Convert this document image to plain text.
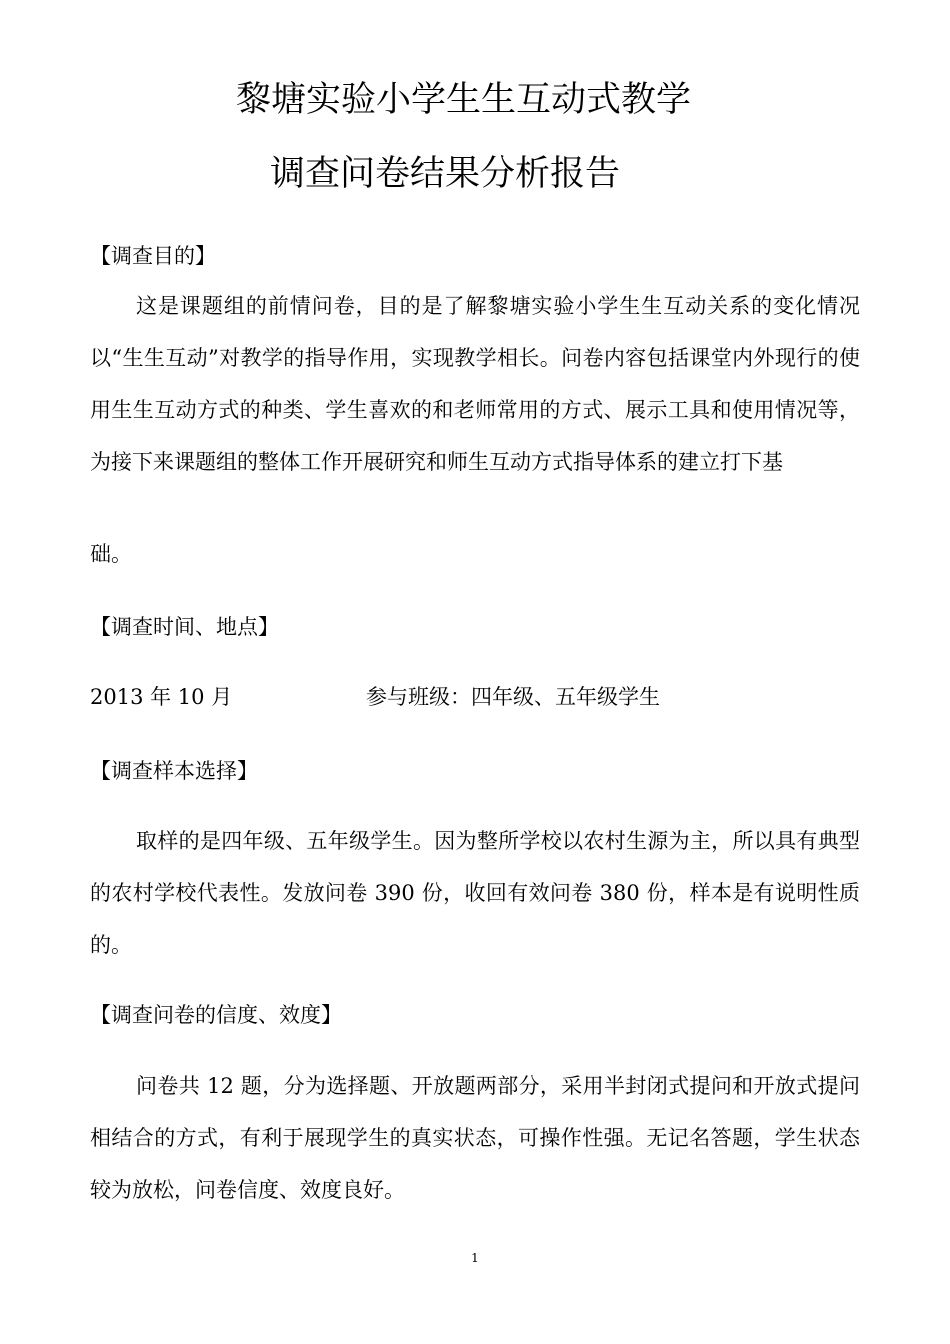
黎塘实验小学生生互动式教学
调查问卷结果分析报告
【调查目的】

这是课题组的前情问卷，目的是了解黎塘实验小学生生互动关系的变化情况以“生生互动”对教学的指导作用，实现教学相长。问卷内容包括课堂内外现行的使用生生互动方式的种类、学生喜欢的和老师常用的方式、展示工具和使用情况等，为接下来课题组的整体工作开展研究和师生互动方式指导体系的建立打下基

础。
【调查时间、地点】
2013 年 10 月	参与班级：四年级、五年级学生
【调查样本选择】

取样的是四年级、五年级学生。因为整所学校以农村生源为主，所以具有典型的农村学校代表性。发放问卷 390 份，收回有效问卷 380 份，样本是有说明性质的。

【调查问卷的信度、效度】

问卷共 12 题，分为选择题、开放题两部分，采用半封闭式提问和开放式提问相结合的方式，有利于展现学生的真实状态，可操作性强。无记名答题，学生状态较为放松，问卷信度、效度良好。

1
